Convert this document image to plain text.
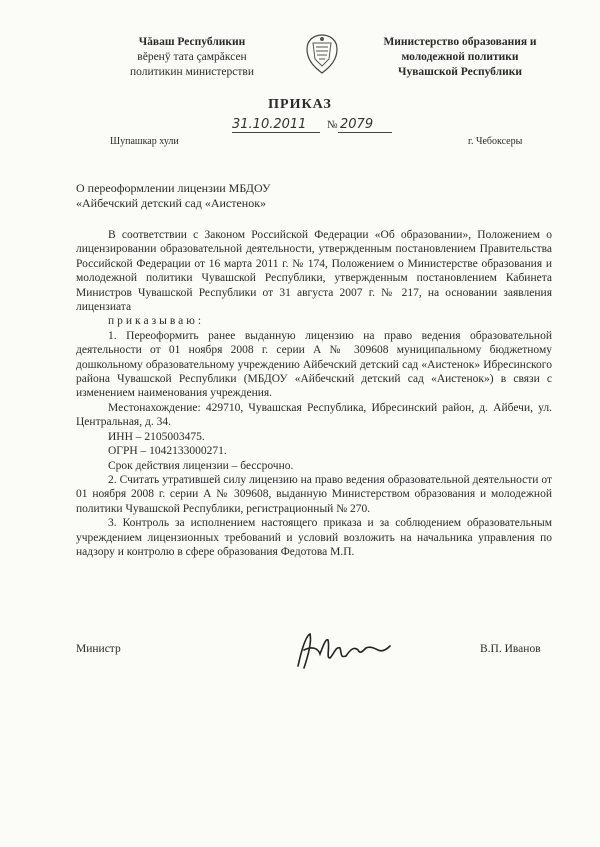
Чăваш Республикин
вĕренÿ тата çамрăксен
политикин министерстви
Министерство образования и
молодежной политики
Чувашской Республики
ПРИКАЗ
31.10.2011 № 2079
Шупашкар хули	г. Чебоксеры
О переоформлении лицензии МБДОУ
«Айбечский детский сад «Аистенок»

В соответствии с Законом Российской Федерации «Об образовании», Положением о лицензировании образовательной деятельности, утвержденным постановлением Правительства Российской Федерации от 16 марта 2011 г. № 174, Положением о Министерстве образования и молодежной политики Чувашской Республики, утвержденным постановлением Кабинета Министров Чувашской Республики от 31 августа 2007 г. № 217, на основании заявления лицензиата

приказываю:

1. Переоформить ранее выданную лицензию на право ведения образовательной деятельности от 01 ноября 2008 г. серии А № 309608 муниципальному бюджетному дошкольному образовательному учреждению Айбечский детский сад «Аистенок» Ибресинского района Чувашской Республики (МБДОУ «Айбечский детский сад «Аистенок») в связи с изменением наименования учреждения.

Местонахождение: 429710, Чувашская Республика, Ибресинский район, д. Айбечи, ул. Центральная, д. 34.

ИНН – 2105003475.

ОГРН – 1042133000271.

Срок действия лицензии – бессрочно.

2. Считать утратившей силу лицензию на право ведения образовательной деятельности от 01 ноября 2008 г. серии А № 309608, выданную Министерством образования и молодежной политики Чувашской Республики, регистрационный № 270.

3. Контроль за исполнением настоящего приказа и за соблюдением образовательным учреждением лицензионных требований и условий возложить на начальника управления по надзору и контролю в сфере образования Федотова М.П.

Министр	В.П. Иванов
